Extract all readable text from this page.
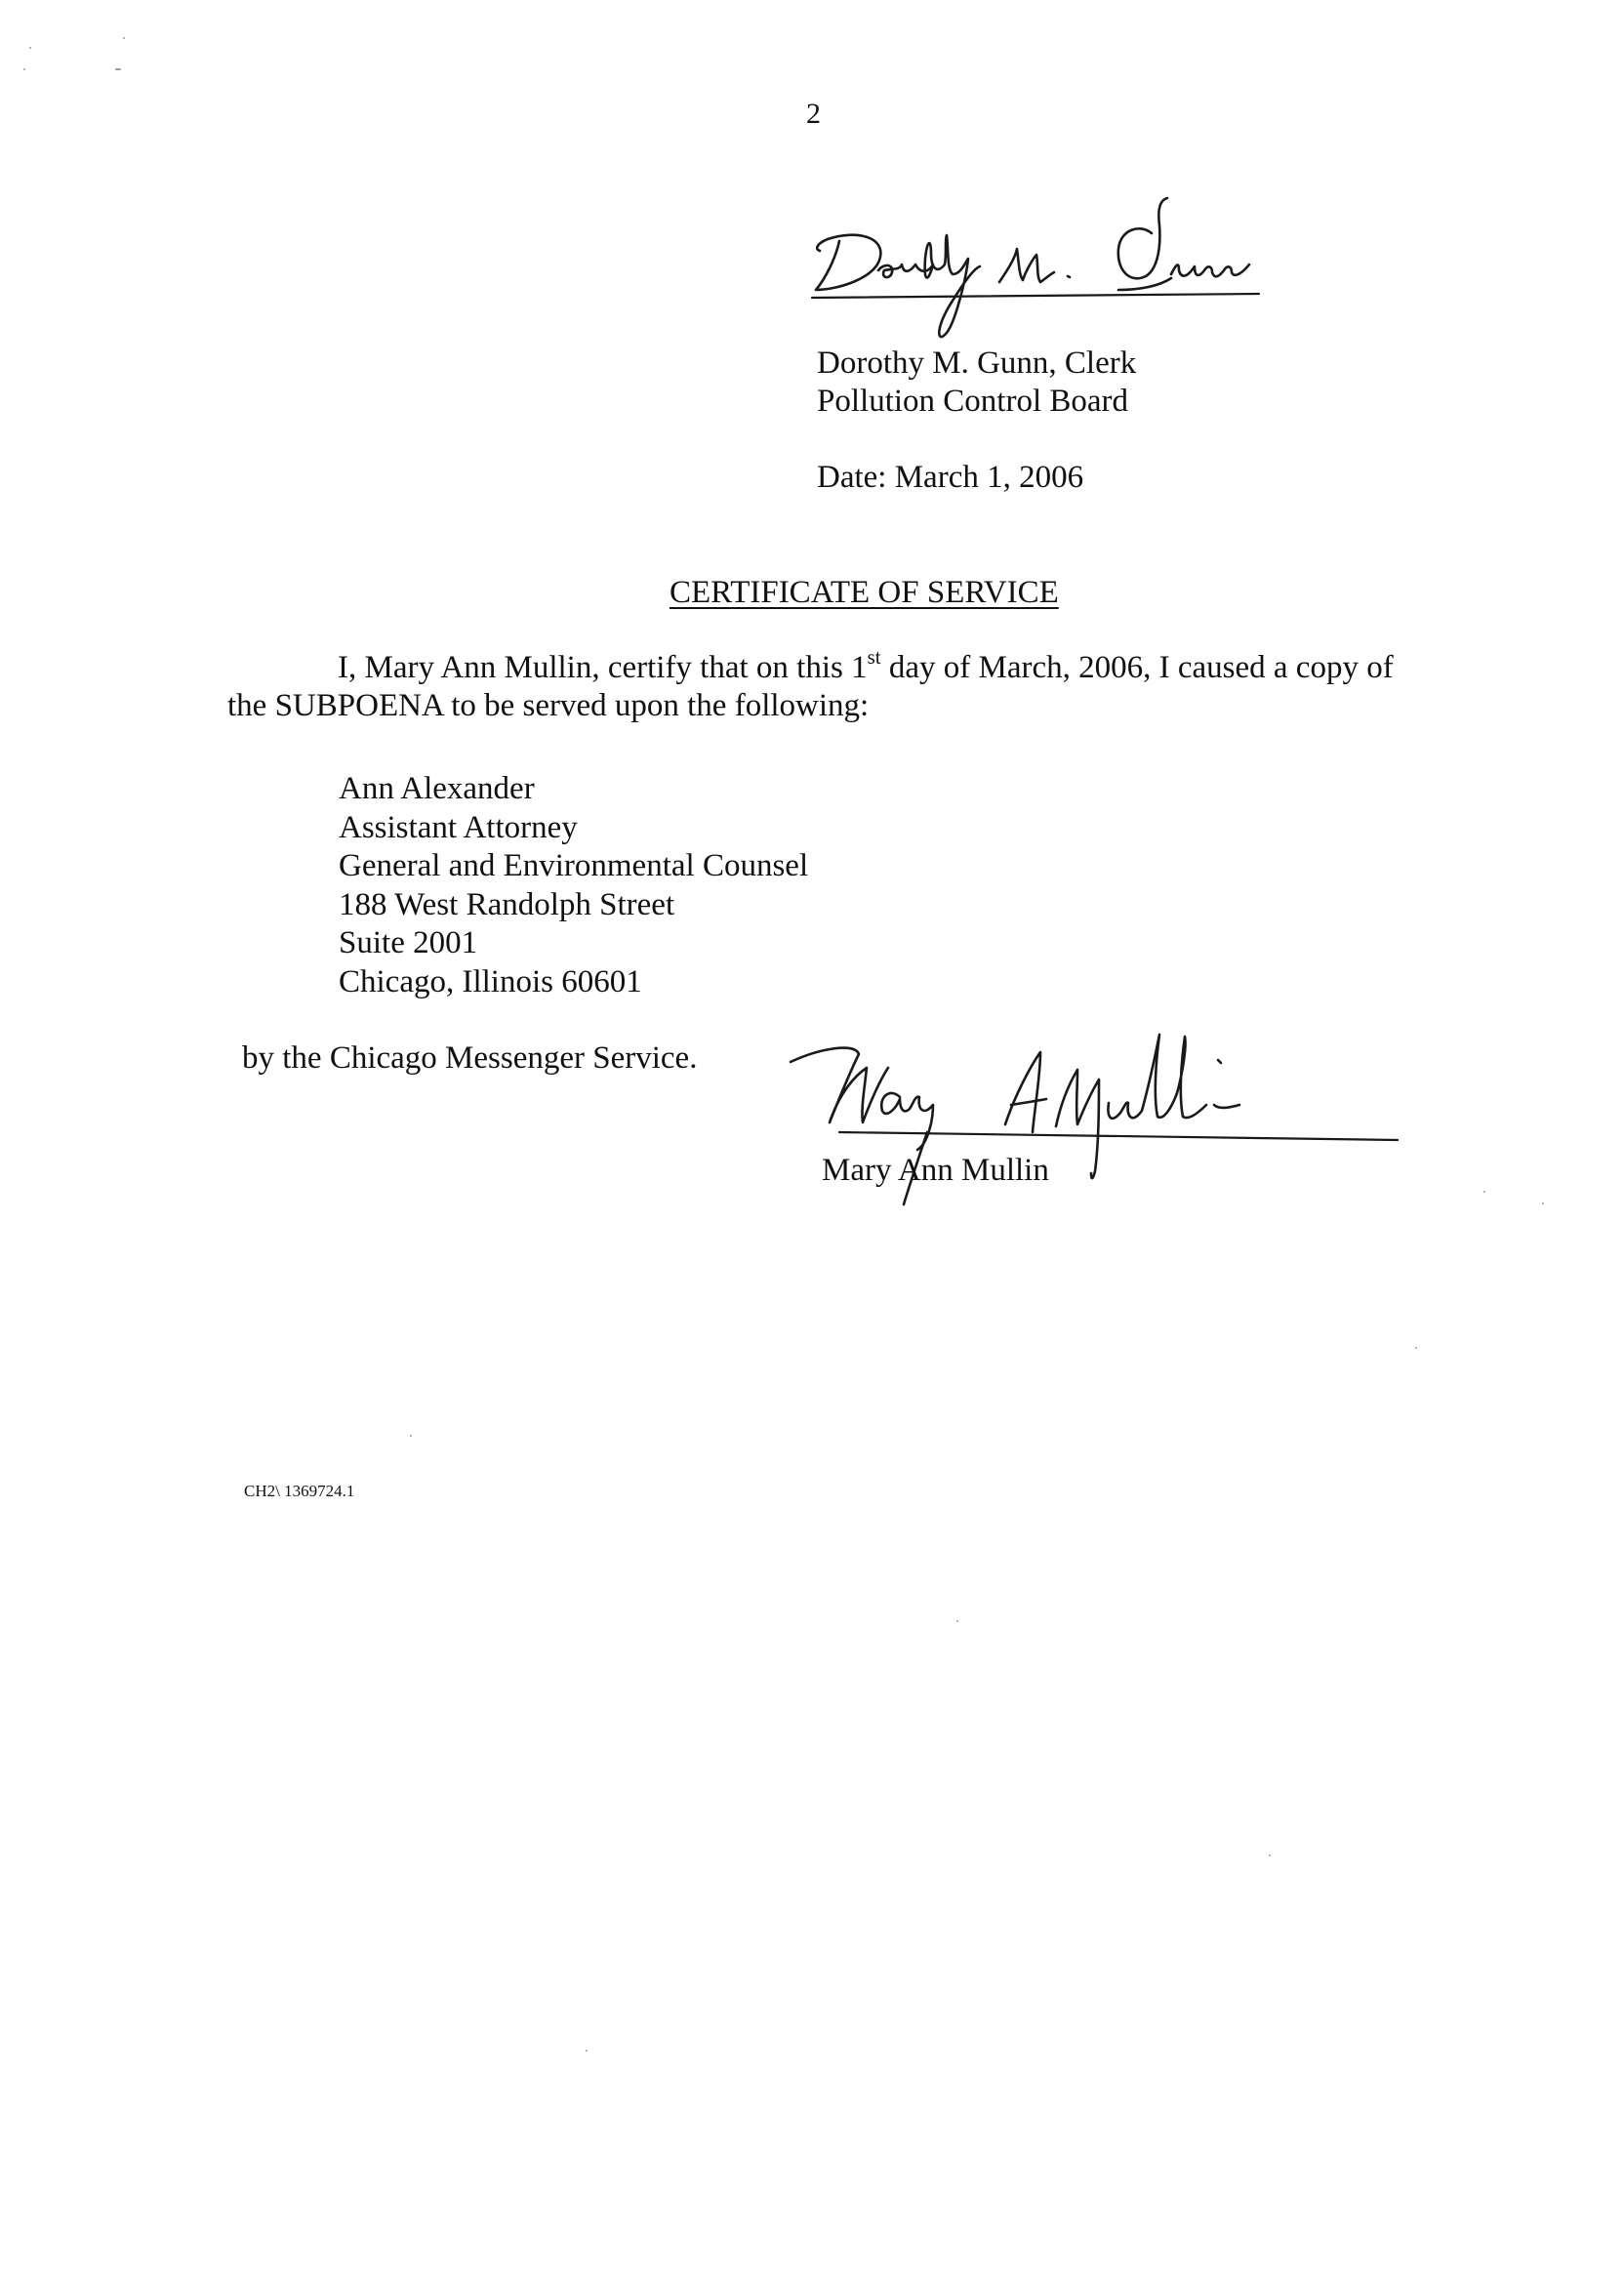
2
Dorothy M. Gunn, Clerk
Pollution Control Board
Date: March 1, 2006
CERTIFICATE OF SERVICE
I, Mary Ann Mullin, certify that on this 1st day of March, 2006, I caused a copy of
the SUBPOENA to be served upon the following:
Ann Alexander
Assistant Attorney
General and Environmental Counsel
188 West Randolph Street
Suite 2001
Chicago, Illinois 60601
by the Chicago Messenger Service.
Mary Ann Mullin
CH2\ 1369724.1
